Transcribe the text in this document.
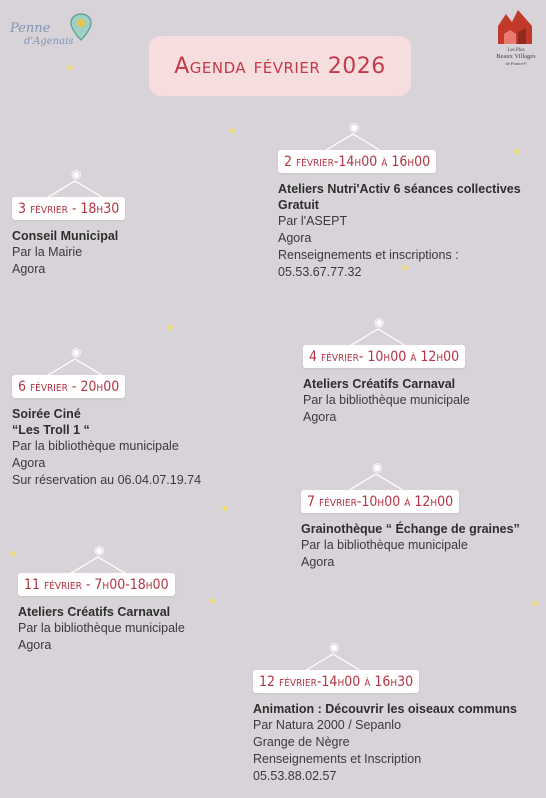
Penne
d'Agenais
Les Plus
Beaux Villages
de France®
Agenda février 2026
✦
✦
✦
✦
✦
✦
✦
✦
✦
◉
2 février-14h00 à 16h00
Ateliers Nutri'Activ 6 séances collectives
Gratuit
Par l'ASEPT
Agora
Renseignements et inscriptions :
05.53.67.77.32
◉
3 février - 18h30
Conseil Municipal
Par la Mairie
Agora
◉
4 février- 10h00 à 12h00
Ateliers Créatifs Carnaval
Par la bibliothèque municipale
Agora
◉
6 février - 20h00
Soirée Ciné
“Les Troll 1 “
Par la bibliothèque municipale
Agora
Sur réservation au 06.04.07.19.74
◉
7 février-10h00 à 12h00
Grainothèque “ Échange de graines”
Par la bibliothèque municipale
Agora
◉
11 février - 7h00-18h00
Ateliers Créatifs Carnaval
Par la bibliothèque municipale
Agora	◉
12 février-14h00 à 16h30
Animation : Découvrir les oiseaux communs
Par Natura 2000 / Sepanlo
Grange de Nègre
Renseignements et Inscription
05.53.88.02.57
